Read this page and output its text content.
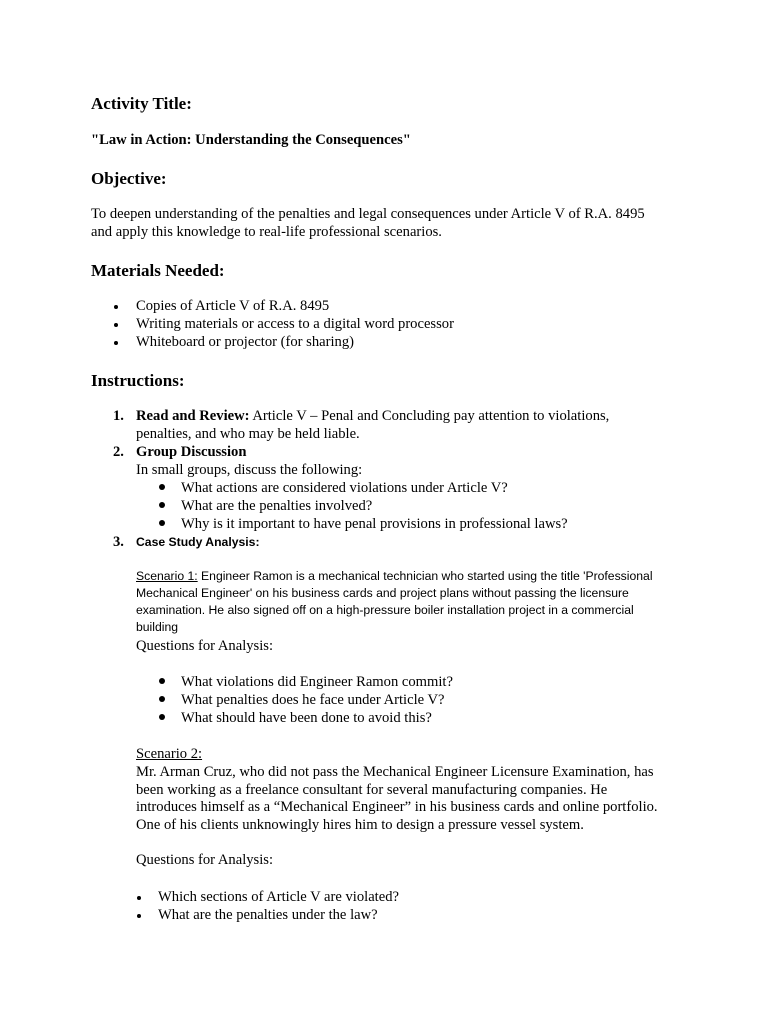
Activity Title:

"Law in Action: Understanding the Consequences"

Objective:

To deepen understanding of the penalties and legal consequences under Article V of R.A. 8495

and apply this knowledge to real-life professional scenarios.

Materials Needed:

Copies of Article V of R.A. 8495

Writing materials or access to a digital word processor

Whiteboard or projector (for sharing)

Instructions:

1. Read and Review: Article V – Penal and Concluding pay attention to violations,

penalties, and who may be held liable.

2. Group Discussion

In small groups, discuss the following:

What actions are considered violations under Article V?

What are the penalties involved?

Why is it important to have penal provisions in professional laws?

3. Case Study Analysis:

Scenario 1: Engineer Ramon is a mechanical technician who started using the title 'Professional

Mechanical Engineer' on his business cards and project plans without passing the licensure

examination. He also signed off on a high-pressure boiler installation project in a commercial

building

Questions for Analysis:

What violations did Engineer Ramon commit?

What penalties does he face under Article V?

What should have been done to avoid this?

Scenario 2:

Mr. Arman Cruz, who did not pass the Mechanical Engineer Licensure Examination, has

been working as a freelance consultant for several manufacturing companies. He

introduces himself as a “Mechanical Engineer” in his business cards and online portfolio.

One of his clients unknowingly hires him to design a pressure vessel system.

Questions for Analysis:

Which sections of Article V are violated?

What are the penalties under the law?
